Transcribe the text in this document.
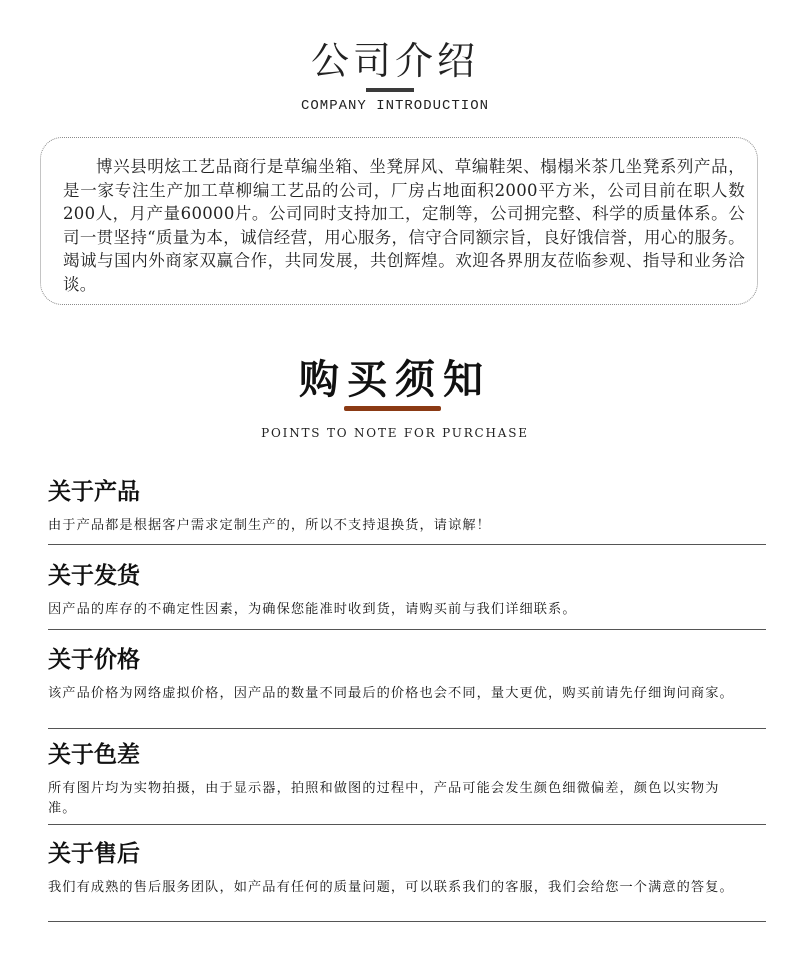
公司介绍
COMPANY INTRODUCTION

博兴县明炫工艺品商行是草编坐箱、坐凳屏风、草编鞋架、榻榻米茶几坐凳系列产品，是一家专注生产加工草柳编工艺品的公司，厂房占地面积2000平方米，公司目前在职人数200人，月产量60000片。公司同时支持加工，定制等，公司拥完整、科学的质量体系。公司一贯坚持“质量为本，诚信经营，用心服务，信守合同额宗旨，良好饿信誉，用心的服务。竭诚与国内外商家双赢合作，共同发展，共创辉煌。欢迎各界朋友莅临参观、指导和业务洽谈。

购买须知
POINTS TO NOTE FOR PURCHASE
关于产品

由于产品都是根据客户需求定制生产的，所以不支持退换货，请谅解！

关于发货

因产品的库存的不确定性因素，为确保您能准时收到货，请购买前与我们详细联系。

关于价格

该产品价格为网络虚拟价格，因产品的数量不同最后的价格也会不同，量大更优，购买前请先仔细询问商家。

关于色差

所有图片均为实物拍摄，由于显示器，拍照和做图的过程中，产品可能会发生颜色细微偏差，颜色以实物为准。

关于售后

我们有成熟的售后服务团队，如产品有任何的质量问题，可以联系我们的客服，我们会给您一个满意的答复。
